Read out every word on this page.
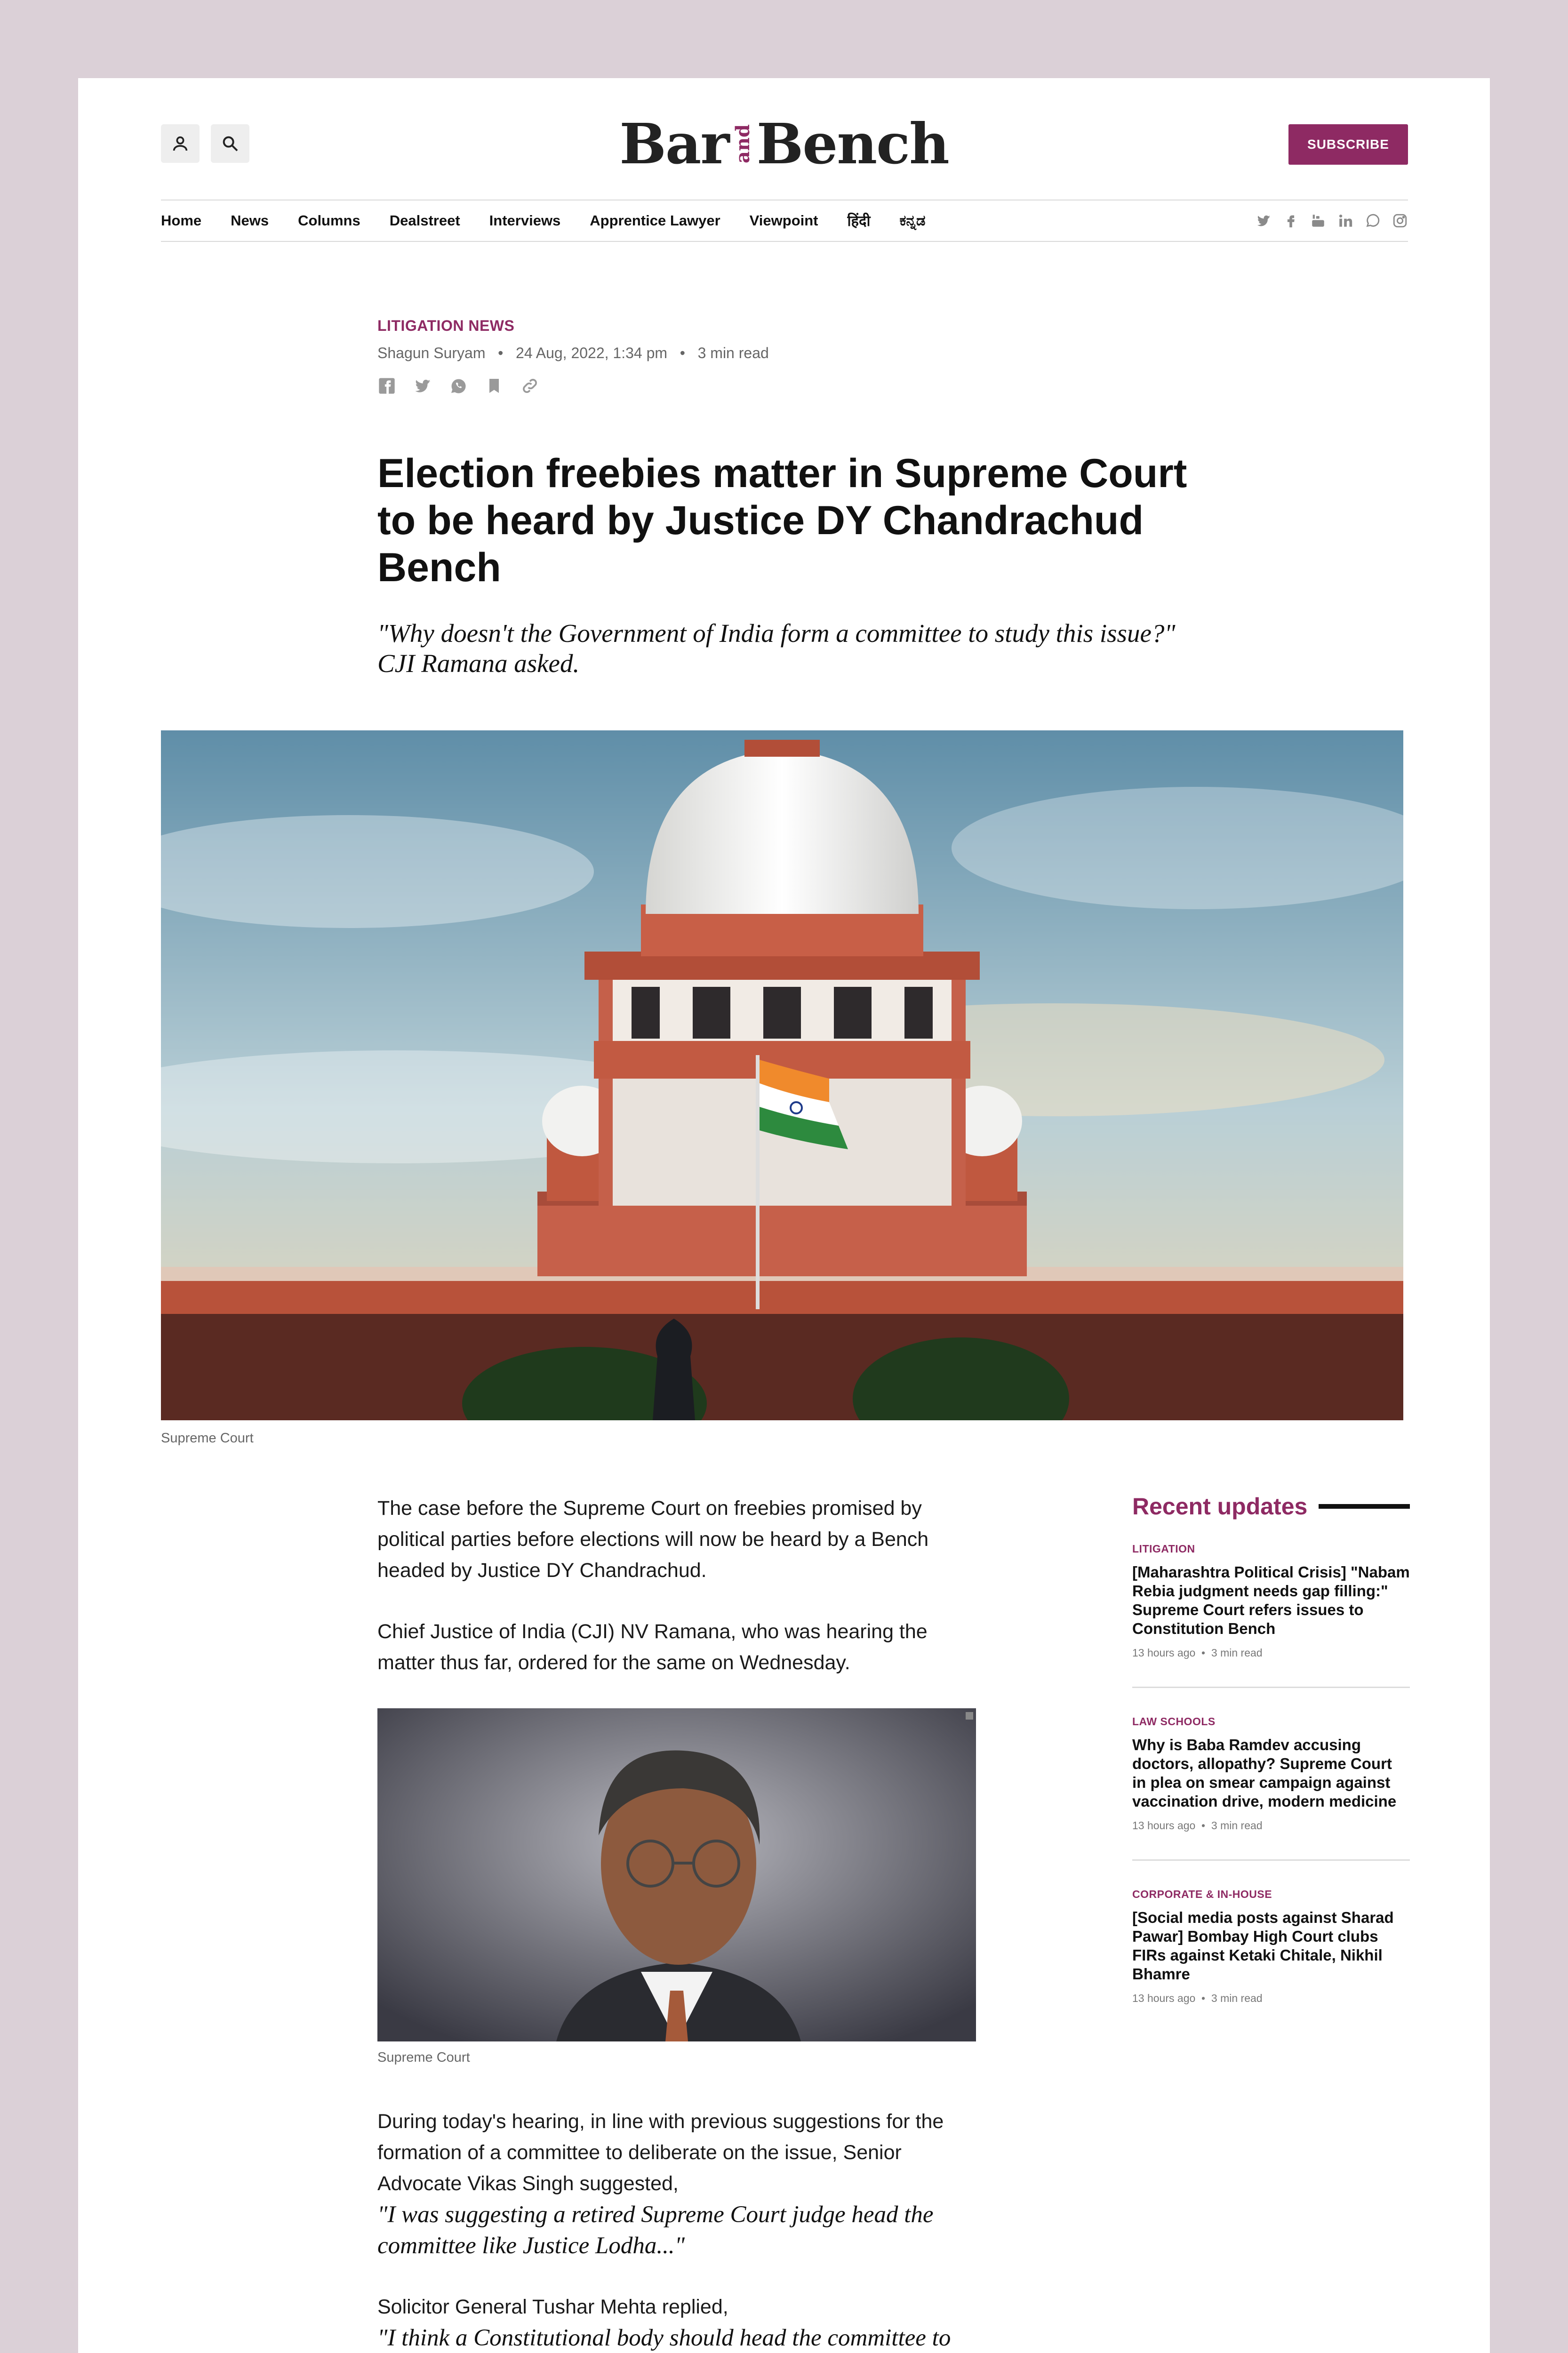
Bar and Bench	SUBSCRIBE
Home News Columns Dealstreet Interviews Apprentice Lawyer Viewpoint हिंदी ಕನ್ನಡ
LITIGATION NEWS
Shagun Suryam   •   24 Aug, 2022, 1:34 pm   •   3 min read
Election freebies matter in Supreme Court to be heard by Justice DY Chandrachud Bench
"Why doesn't the Government of India form a committee to study this issue?" CJI Ramana asked.
Supreme Court

The case before the Supreme Court on freebies promised by political parties before elections will now be heard by a Bench headed by Justice DY Chandrachud.

Chief Justice of India (CJI) NV Ramana, who was hearing the matter thus far, ordered for the same on Wednesday.

Supreme Court

During today's hearing, in line with previous suggestions for the formation of a committee to deliberate on the issue, Senior Advocate Vikas Singh suggested,
"I was suggesting a retired Supreme Court judge head the committee like Justice Lodha..."

Solicitor General Tushar Mehta replied,
"I think a Constitutional body should head the committee to

Recent updates
LITIGATION
[Maharashtra Political Crisis] "Nabam Rebia judgment needs gap filling:" Supreme Court refers issues to Constitution Bench
13 hours ago  •  3 min read
LAW SCHOOLS
Why is Baba Ramdev accusing doctors, allopathy? Supreme Court in plea on smear campaign against vaccination drive, modern medicine
13 hours ago  •  3 min read
CORPORATE & IN-HOUSE
[Social media posts against Sharad Pawar] Bombay High Court clubs FIRs against Ketaki Chitale, Nikhil Bhamre
13 hours ago  •  3 min read
